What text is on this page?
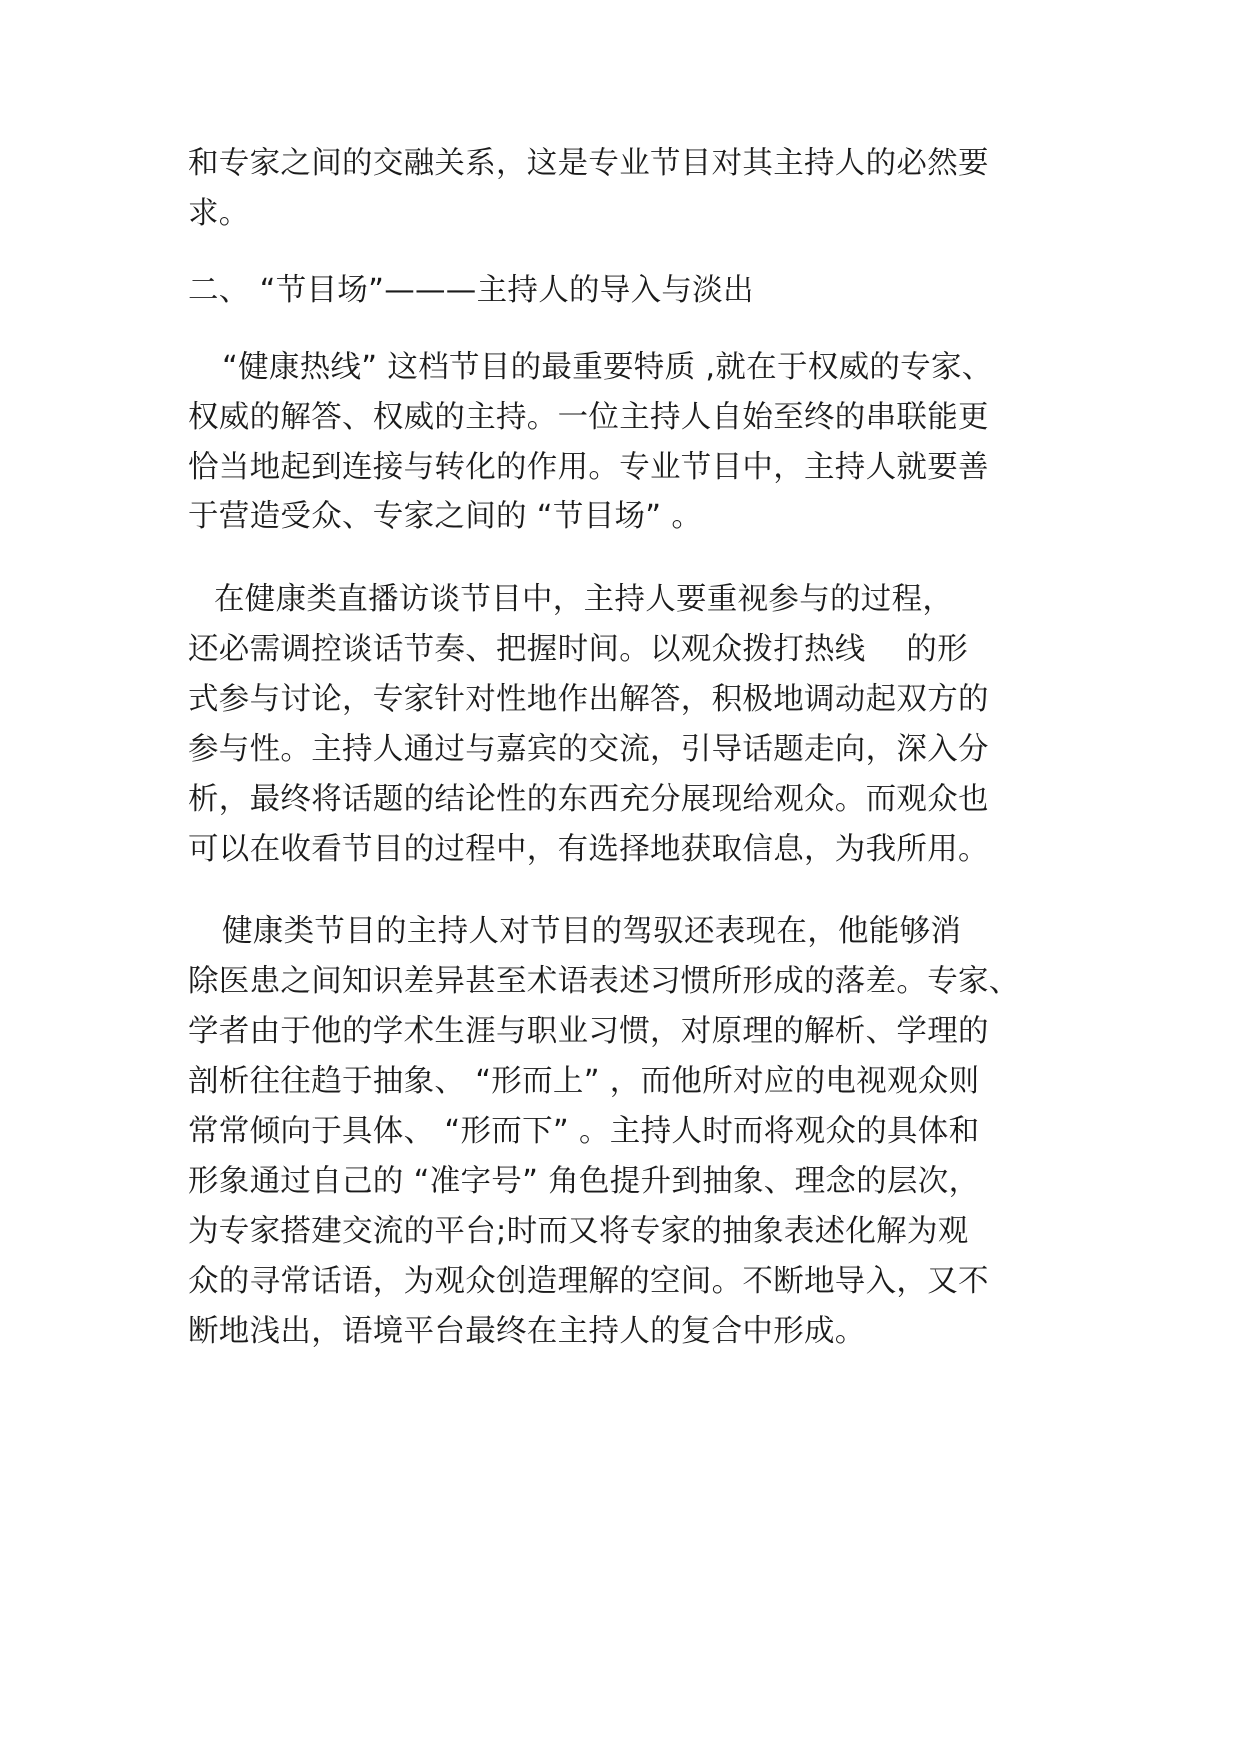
和专家之间的交融关系，这是专业节目对其主持人的必然要

求。

二、 “节目场”———主持人的导入与淡出

“健康热线” 这档节目的最重要特质 ,就在于权威的专家、

权威的解答、权威的主持。一位主持人自始至终的串联能更

恰当地起到连接与转化的作用。专业节目中，主持人就要善

于营造受众、专家之间的 “节目场” 。

在健康类直播访谈节目中，主持人要重视参与的过程，

还必需调控谈话节奏、把握时间。以观众拨打热线　 的形

式参与讨论，专家针对性地作出解答，积极地调动起双方的

参与性。主持人通过与嘉宾的交流，引导话题走向，深入分

析，最终将话题的结论性的东西充分展现给观众。而观众也

可以在收看节目的过程中，有选择地获取信息，为我所用。

健康类节目的主持人对节目的驾驭还表现在，他能够消

除医患之间知识差异甚至术语表述习惯所形成的落差。专家、

学者由于他的学术生涯与职业习惯，对原理的解析、学理的

剖析往往趋于抽象、 “形而上” ，而他所对应的电视观众则

常常倾向于具体、 “形而下” 。主持人时而将观众的具体和

形象通过自己的 “准字号” 角色提升到抽象、理念的层次，

为专家搭建交流的平台;时而又将专家的抽象表述化解为观

众的寻常话语，为观众创造理解的空间。不断地导入，又不

断地浅出，语境平台最终在主持人的复合中形成。
